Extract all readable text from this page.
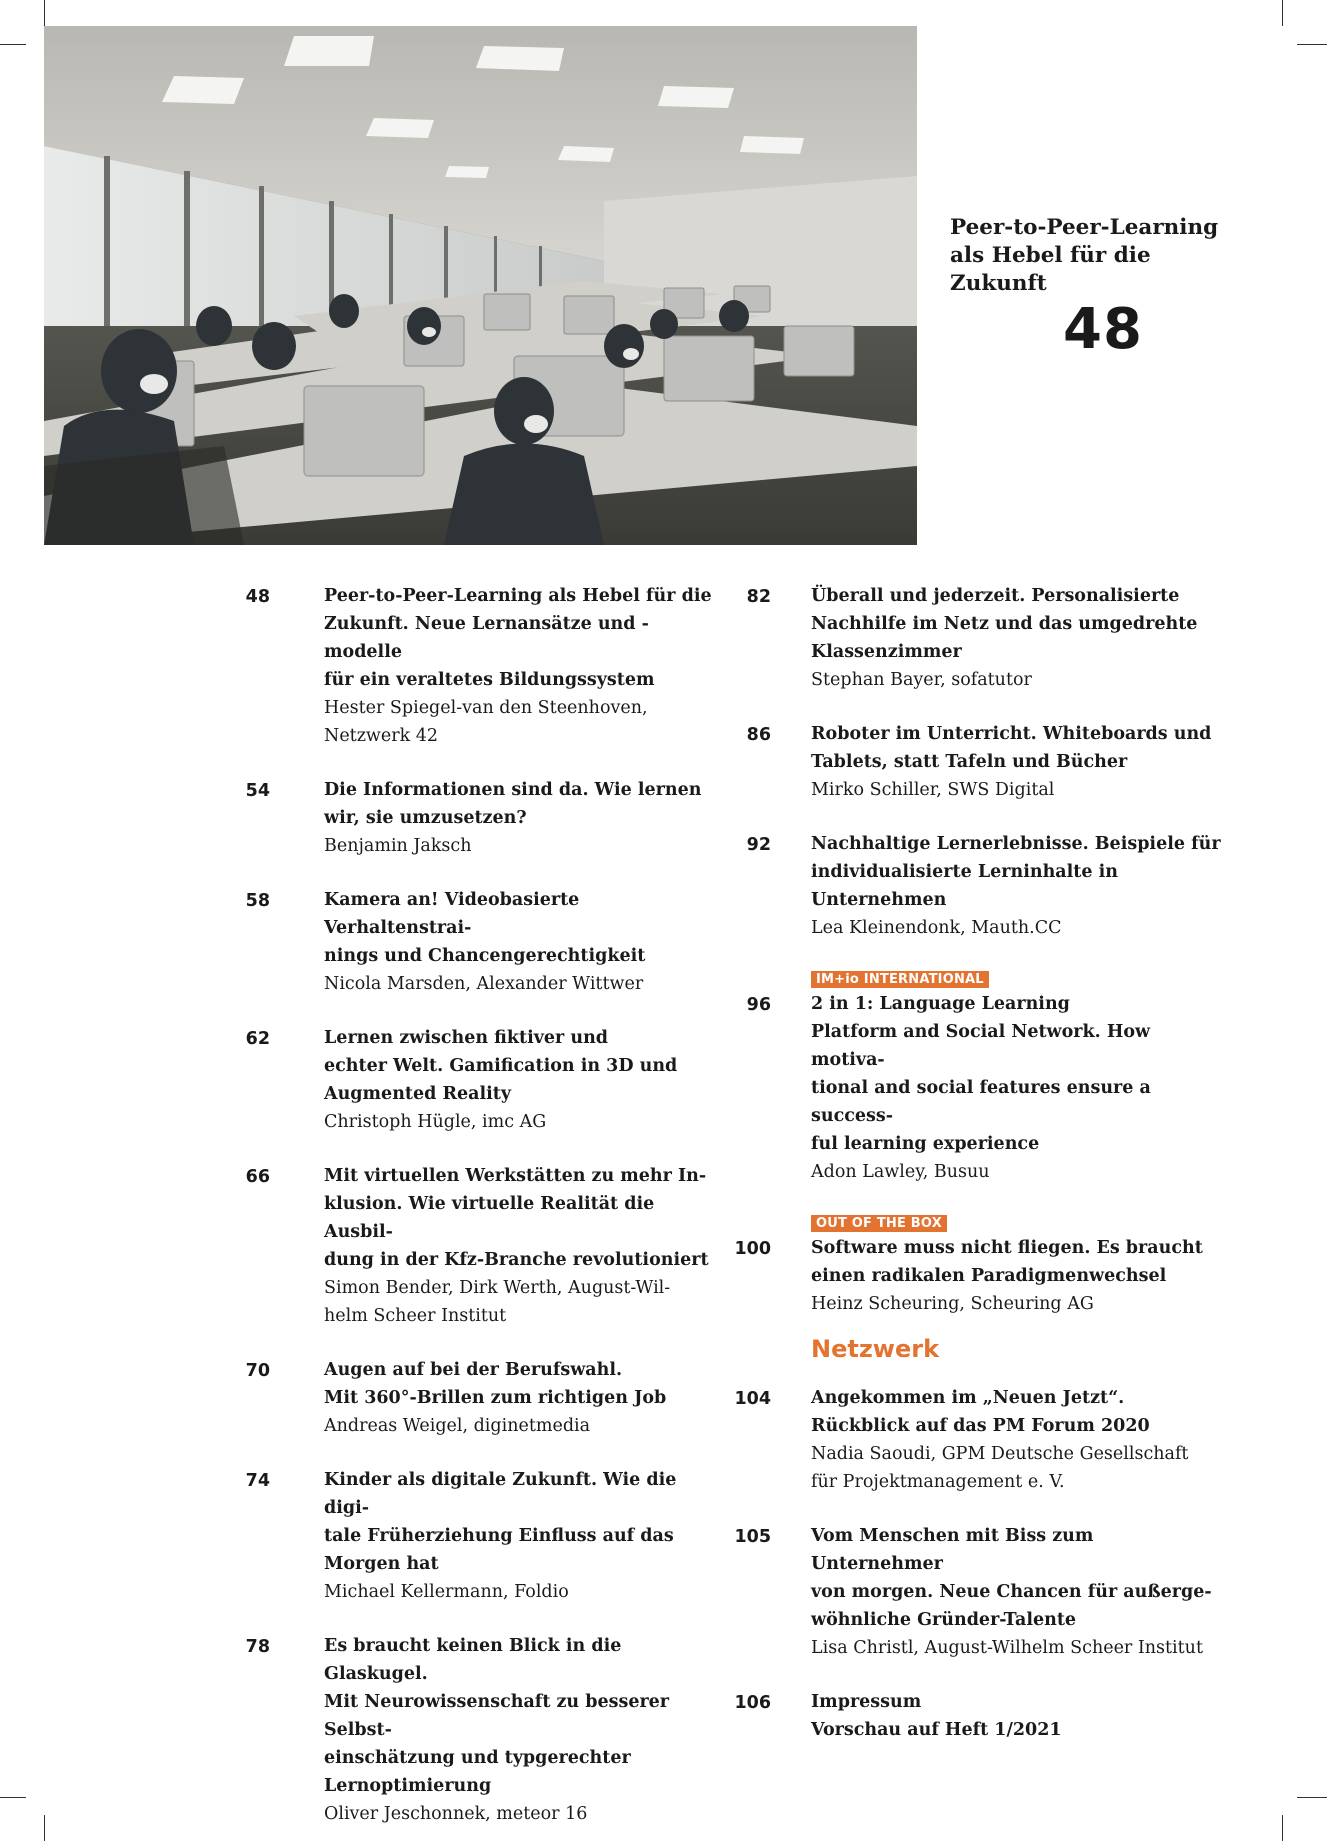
Peer-to-Peer-Learning als Hebel für die Zukunft
48
48	Peer-to-Peer-Learning als Hebel für die
Zukunft. Neue Lernansätze und -modelle
für ein veraltetes Bildungssystem
Hester Spiegel-van den Steenhoven,
Netzwerk 42
54	Die Informationen sind da. Wie lernen
wir, sie umzusetzen?
Benjamin Jaksch
58	Kamera an! Videobasierte Verhaltenstrai-
nings und Chancengerechtigkeit
Nicola Marsden, Alexander Wittwer
62	Lernen zwischen fiktiver und
echter Welt. Gamification in 3D und
Augmented Reality
Christoph Hügle, imc AG
66	Mit virtuellen Werkstätten zu mehr In-
klusion. Wie virtuelle Realität die Ausbil-
dung in der Kfz-Branche revolutioniert
Simon Bender, Dirk Werth, August-Wil-
helm Scheer Institut
70	Augen auf bei der Berufswahl.
Mit 360°-Brillen zum richtigen Job
Andreas Weigel, diginetmedia
74	Kinder als digitale Zukunft. Wie die digi-
tale Früherziehung Einfluss auf das
Morgen hat
Michael Kellermann, Foldio
78	Es braucht keinen Blick in die Glaskugel.
Mit Neurowissenschaft zu besserer Selbst-
einschätzung und typgerechter
Lernoptimierung
Oliver Jeschonnek, meteor 16
82 Überall und jederzeit. Personalisierte
Nachhilfe im Netz und das umgedrehte
Klassenzimmer
Stephan Bayer, sofatutor
86 Roboter im Unterricht. Whiteboards und
Tablets, statt Tafeln und Bücher
Mirko Schiller, SWS Digital
92 Nachhaltige Lernerlebnisse. Beispiele für
individualisierte Lerninhalte in
Unternehmen
Lea Kleinendonk, Mauth.CC
IM+io INTERNATIONAL
96 2 in 1: Language Learning
Platform and Social Network. How motiva-
tional and social features ensure a success-
ful learning experience
Adon Lawley, Busuu
OUT OF THE BOX
100 Software muss nicht fliegen. Es braucht
einen radikalen Paradigmenwechsel
Heinz Scheuring, Scheuring AG
Netzwerk
104 Angekommen im „Neuen Jetzt“.
Rückblick auf das PM Forum 2020
Nadia Saoudi, GPM Deutsche Gesellschaft
für Projektmanagement e. V.
105 Vom Menschen mit Biss zum Unternehmer
von morgen. Neue Chancen für außerge-
wöhnliche Gründer-Talente
Lisa Christl, August-Wilhelm Scheer Institut
106 Impressum
Vorschau auf Heft 1/2021
